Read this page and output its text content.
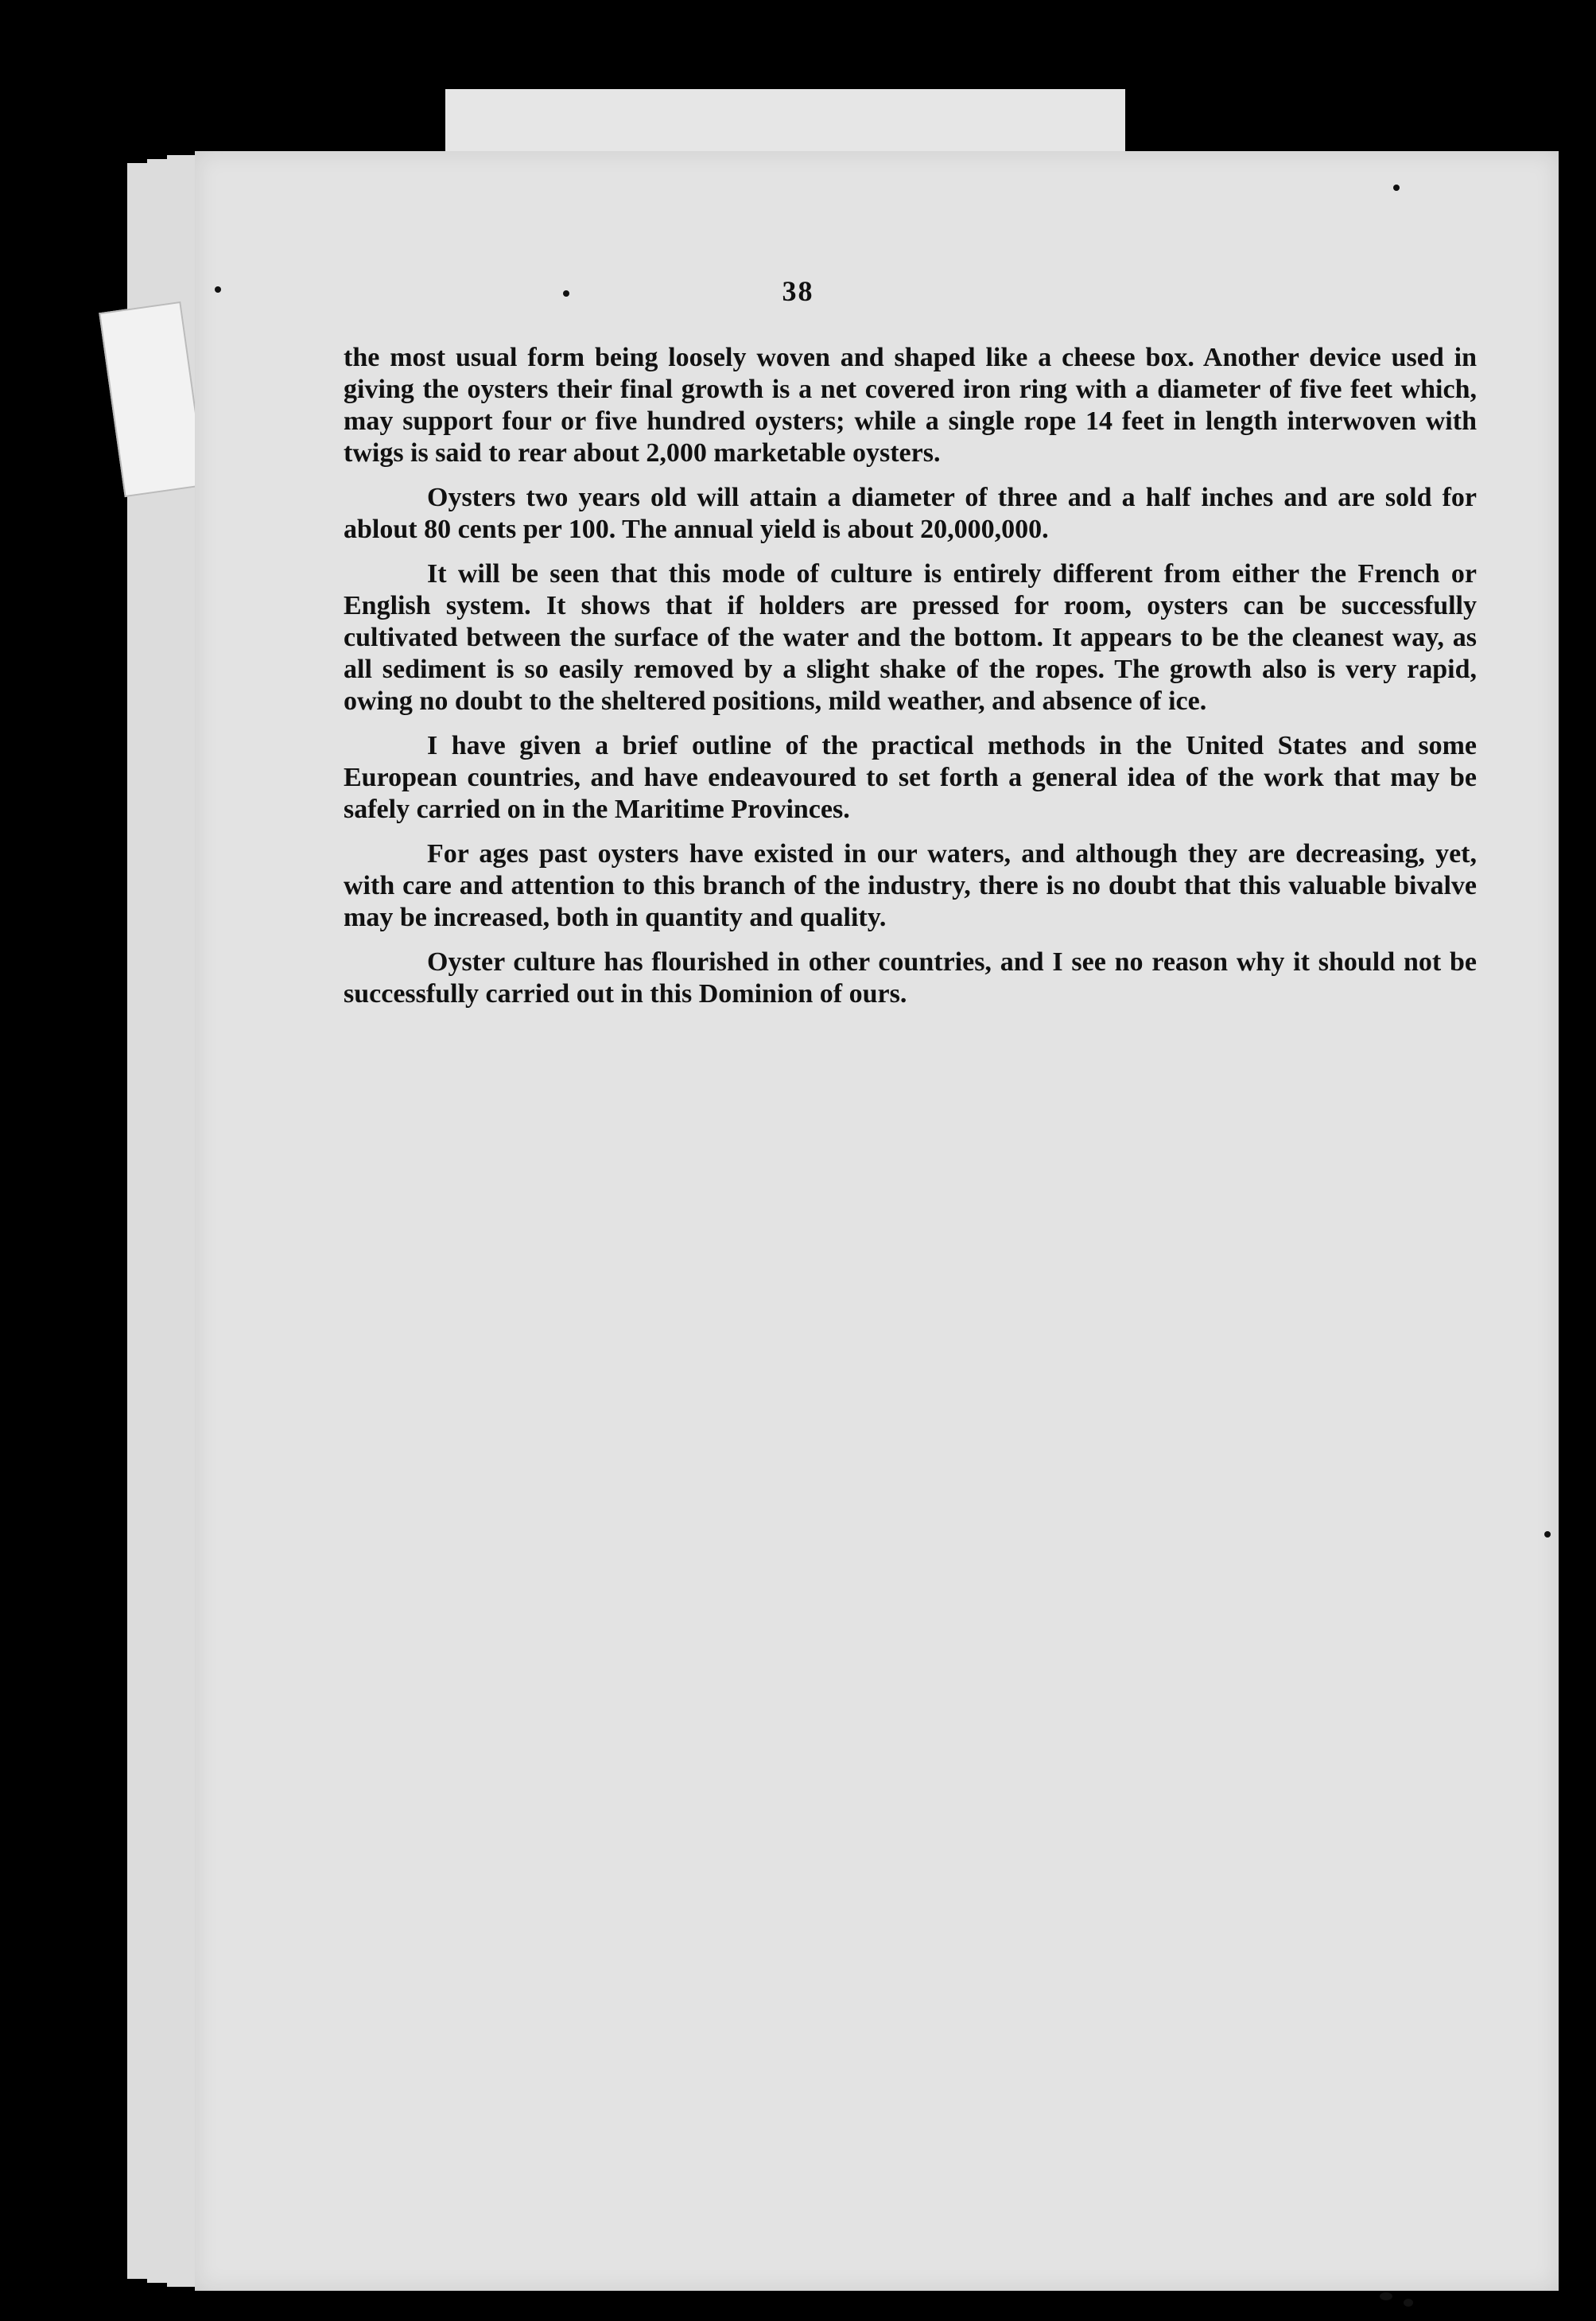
38

the most usual form being loosely woven and shaped like a cheese box. Another device used in giving the oysters their final growth is a net covered iron ring with a diameter of five feet which, may support four or five hundred oysters; while a single rope 14 feet in length interwoven with twigs is said to rear about 2,000 marketable oysters.

Oysters two years old will attain a diameter of three and a half inches and are sold for ablout 80 cents per 100. The annual yield is about 20,000,000.

It will be seen that this mode of culture is entirely different from either the French or English system. It shows that if holders are pressed for room, oysters can be successfully cultivated between the surface of the water and the bottom. It appears to be the cleanest way, as all sediment is so easily removed by a slight shake of the ropes. The growth also is very rapid, owing no doubt to the sheltered positions, mild weather, and absence of ice.

I have given a brief outline of the practical methods in the United States and some European countries, and have endeavoured to set forth a general idea of the work that may be safely carried on in the Maritime Provinces.

For ages past oysters have existed in our waters, and although they are decreasing, yet, with care and attention to this branch of the industry, there is no doubt that this valuable bivalve may be increased, both in quantity and quality.

Oyster culture has flourished in other countries, and I see no reason why it should not be successfully carried out in this Dominion of ours.
